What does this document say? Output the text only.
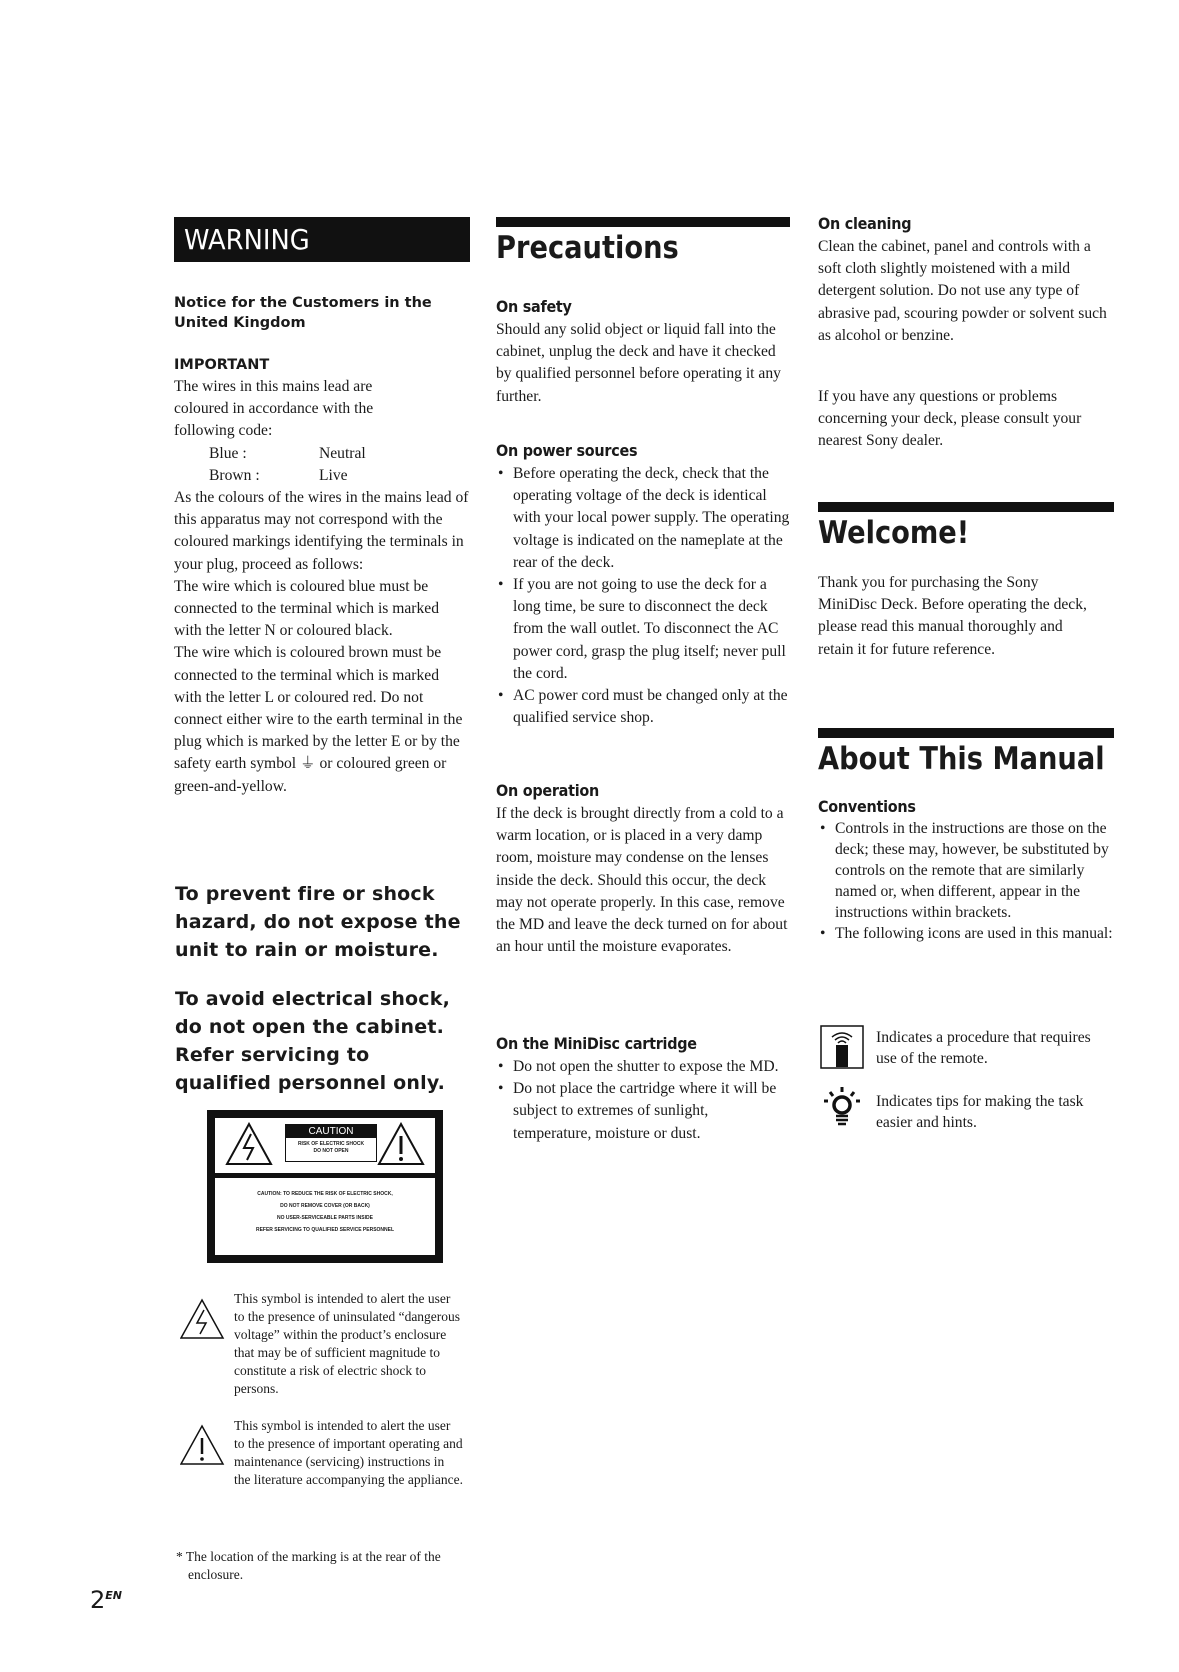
WARNING
Notice for the Customers in the United Kingdom
IMPORTANT

The wires in this mains lead are coloured in accordance with the following code:

Blue :	Neutral
Brown :	Live

As the colours of the wires in the mains lead of this apparatus may not correspond with the coloured markings identifying the terminals in your plug, proceed as follows:

The wire which is coloured blue must be connected to the terminal which is marked with the letter N or coloured black.

The wire which is coloured brown must be connected to the terminal which is marked with the letter L or coloured red. Do not connect either wire to the earth terminal in the plug which is marked by the letter E or by the safety earth symbol ⏚ or coloured green or green-and-yellow.

To prevent fire or shock hazard, do not expose the unit to rain or moisture.
To avoid electrical shock, do not open the cabinet. Refer servicing to qualified personnel only.
CAUTION
RISK OF ELECTRIC SHOCK
DO NOT OPEN
CAUTION: TO REDUCE THE RISK OF ELECTRIC SHOCK,
DO NOT REMOVE COVER (OR BACK)
NO USER-SERVICEABLE PARTS INSIDE
REFER SERVICING TO QUALIFIED SERVICE PERSONNEL
This symbol is intended to alert the user to the presence of uninsulated “dangerous voltage” within the product’s enclosure that may be of sufficient magnitude to constitute a risk of electric shock to persons.
This symbol is intended to alert the user to the presence of important operating and maintenance (servicing) instructions in the literature accompanying the appliance.
* The location of the marking is at the rear of the enclosure.
$2^{EN}$
Precautions
On safety

Should any solid object or liquid fall into the cabinet, unplug the deck and have it checked by qualified personnel before operating it any further.

On power sources
• Before operating the deck, check that the operating voltage of the deck is identical with your local power supply. The operating voltage is indicated on the nameplate at the rear of the deck.
• If you are not going to use the deck for a long time, be sure to disconnect the deck from the wall outlet. To disconnect the AC power cord, grasp the plug itself; never pull the cord.
• AC power cord must be changed only at the qualified service shop.
On operation

If the deck is brought directly from a cold to a warm location, or is placed in a very damp room, moisture may condense on the lenses inside the deck. Should this occur, the deck may not operate properly. In this case, remove the MD and leave the deck turned on for about an hour until the moisture evaporates.

On the MiniDisc cartridge
• Do not open the shutter to expose the MD.
• Do not place the cartridge where it will be subject to extremes of sunlight, temperature, moisture or dust.
On cleaning

Clean the cabinet, panel and controls with a soft cloth slightly moistened with a mild detergent solution. Do not use any type of abrasive pad, scouring powder or solvent such as alcohol or benzine.

If you have any questions or problems concerning your deck, please consult your nearest Sony dealer.

Welcome!

Thank you for purchasing the Sony MiniDisc Deck. Before operating the deck, please read this manual thoroughly and retain it for future reference.

About This Manual
Conventions
• Controls in the instructions are those on the deck; these may, however, be substituted by controls on the remote that are similarly named or, when different, appear in the instructions within brackets.
• The following icons are used in this manual:
Indicates a procedure that requires use of the remote.
Indicates tips for making the task easier and hints.
